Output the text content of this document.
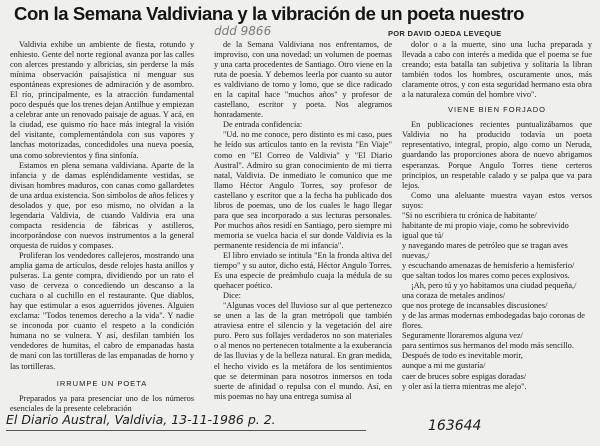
Con la Semana Valdiviana y la vibración de un poeta nuestro
ddd 9866	POR DAVID OJEDA LEVEQUE

Valdivia exhibe un ambiente de fiesta, rotundo y enhiesto. Gente del norte regional avanza por las calles con alerces prestando y albricias, sin perderse la más mínima observación paisajística ni menguar sus espontáneas expresiones de admiración y de asombro. El río, principalmente, es la atracción fundamental poco después que los trenes dejan Antilhue y empiezan a celebrar ante un renovado paisaje de aguas. Y acá, en la ciudad, ese quismo río hace más integral la visión del visitante, complementándola con sus vapores y lanchas motorizadas, concedidoles una nueva poesía, una como sobrevientos y fina sinfonía.

Estamos en plena semana valdiviana. Aparte de la infancia y de damas espléndidamente vestidas, se divisan hombres maduros, con canas como gallardetes de una ardua existencia. Son símbolos de años felices y desolados y que, por eso mismo, no olvidan a la legendaria Valdivia, de cuando Valdivia era una compacta residencia de fábricas y astilleros, incorporándose con nuevos instrumentos a la general orquesta de ruidos y compases.

Proliferan los vendedores callejeros, mostrando una amplia gama de artículos, desde relojes hasta anillos y pulseras. La gente compra, dividiendo por un rato el vaso de cerveza o concediendo un descanso a la cuchara o al cuchillo en el restaurante. Que diablos, hay que estimular a esos aguerridos jóvenes. Alguien exclama: "Todos tenemos derecho a la vida". Y nadie se inconoda por cuanto el respeto a la condición humana no se vulnera. Y así, desfilan también los vendedores de humitas, el cabro de empanadas hasta de maní con las tortilleras de las empanadas de horno y las tortilleras.

IRRUMPE UN POETA

Preparados ya para presenciar uno de los números esenciales de la presente celebración

de la Semana Valdiviana nos enfrentamos, de improviso, con una novedad: un volumen de poemas y una carta procedentes de Santiago. Otro viene en la ruta de poesía. Y debemos leerla por cuanto su autor es valdiviano de tomo y lomo, que se dice radicado en la capital hace "muchos años" y profesor de castellano, escritor y poeta. Nos alegramos honradamente.

De entrada confidencia:

"Ud. no me conoce, pero distinto es mi caso, pues he leído sus artículos tanto en la revista "En Viaje" como en "El Correo de Valdivia" y "El Diario Austral". Admiro su gran conocimiento de mi tierra natal, Valdivia. De inmediato le comunico que me llamo Héctor Angulo Torres, soy profesor de castellano y escritor que a la fecha ha publicado dos libros de poemas, uno de los cuales le hago llegar para que sea incorporado a sus lecturas personales. Por muchos años residí en Santiago, pero siempre mi memoria se vuelca hacia el sur donde Valdivia es la permanente residencia de mi infancia".

El libro enviado se intitula "En la fronda altiva del tiempo" y su autor, dicho está, Héctor Angulo Torres. Es una especie de preámbulo cuaja la médula de su quehacer poético.

Dice:

"Algunas voces del lluvioso sur al que pertenezco se unen a las de la gran metrópoli que también atraviesa entre el silencio y la vegetación del aire puro. Pero sus follajes verdaderos no son materiales o al menos no pertenecen totalmente a la exuberancia de las lluvias y de la belleza natural. En gran medida, el hecho vivido es la metáfora de los sentimientos que se determinan para nosotros inmersos en toda suerte de afinidad o repulsa con el mundo. Así, en mis poemas no hay una entrega sumisa al

dolor o a la muerte, sino una lucha preparada y llevada a cabo con interés a medida que el poema se fue creando; esta batalla tan subjetiva y solitaria la libran también todos los hombres, oscuramente unos, más claramente otros, y con esta seguridad hermano esta obra a la naturaleza común del hombre vivo".

VIENE BIEN FORJADO

En publicaciones recientes puntualizábamos que Valdivia no ha producido todavía un poeta representativo, integral, propio, algo como un Neruda, guardando las proporciones abora de nuevo abrigamos esperanzas. Porque Angulo Torres tiene certeros principios, un respetable calado y se palpa que va para lejos.

Como una aleluante muestra vayan estos versos suyos:

"Si no escribiera tu crónica de habitante/

habitante de mi propio viaje, como he sobrevivido

igual que tú/

y navegando mares de petróleo que se tragan aves nuevas,/

y escuchando amenazas de hemisferio a hemisferio/

que saltan todos los mares como peces explosivos.

¡Ah, pero tú y yo habitamos una ciudad pequeña,/

una coraza de metales andinos/

que nos protege de incansables discusiones/

y de las armas modernas embodegadas bajo coronas de flores.

Seguramente lloraremos alguna vez/

para sentirnos sus hermanos del modo más sencillo.

Después de todo es inevitable morir,

aunque a mi me gustaría/

caer de bruces sobre espigas doradas/

y oler así la tierra mientras me alejo".

El Diario Austral, Valdivia, 13-11-1986 p. 2.	163644
